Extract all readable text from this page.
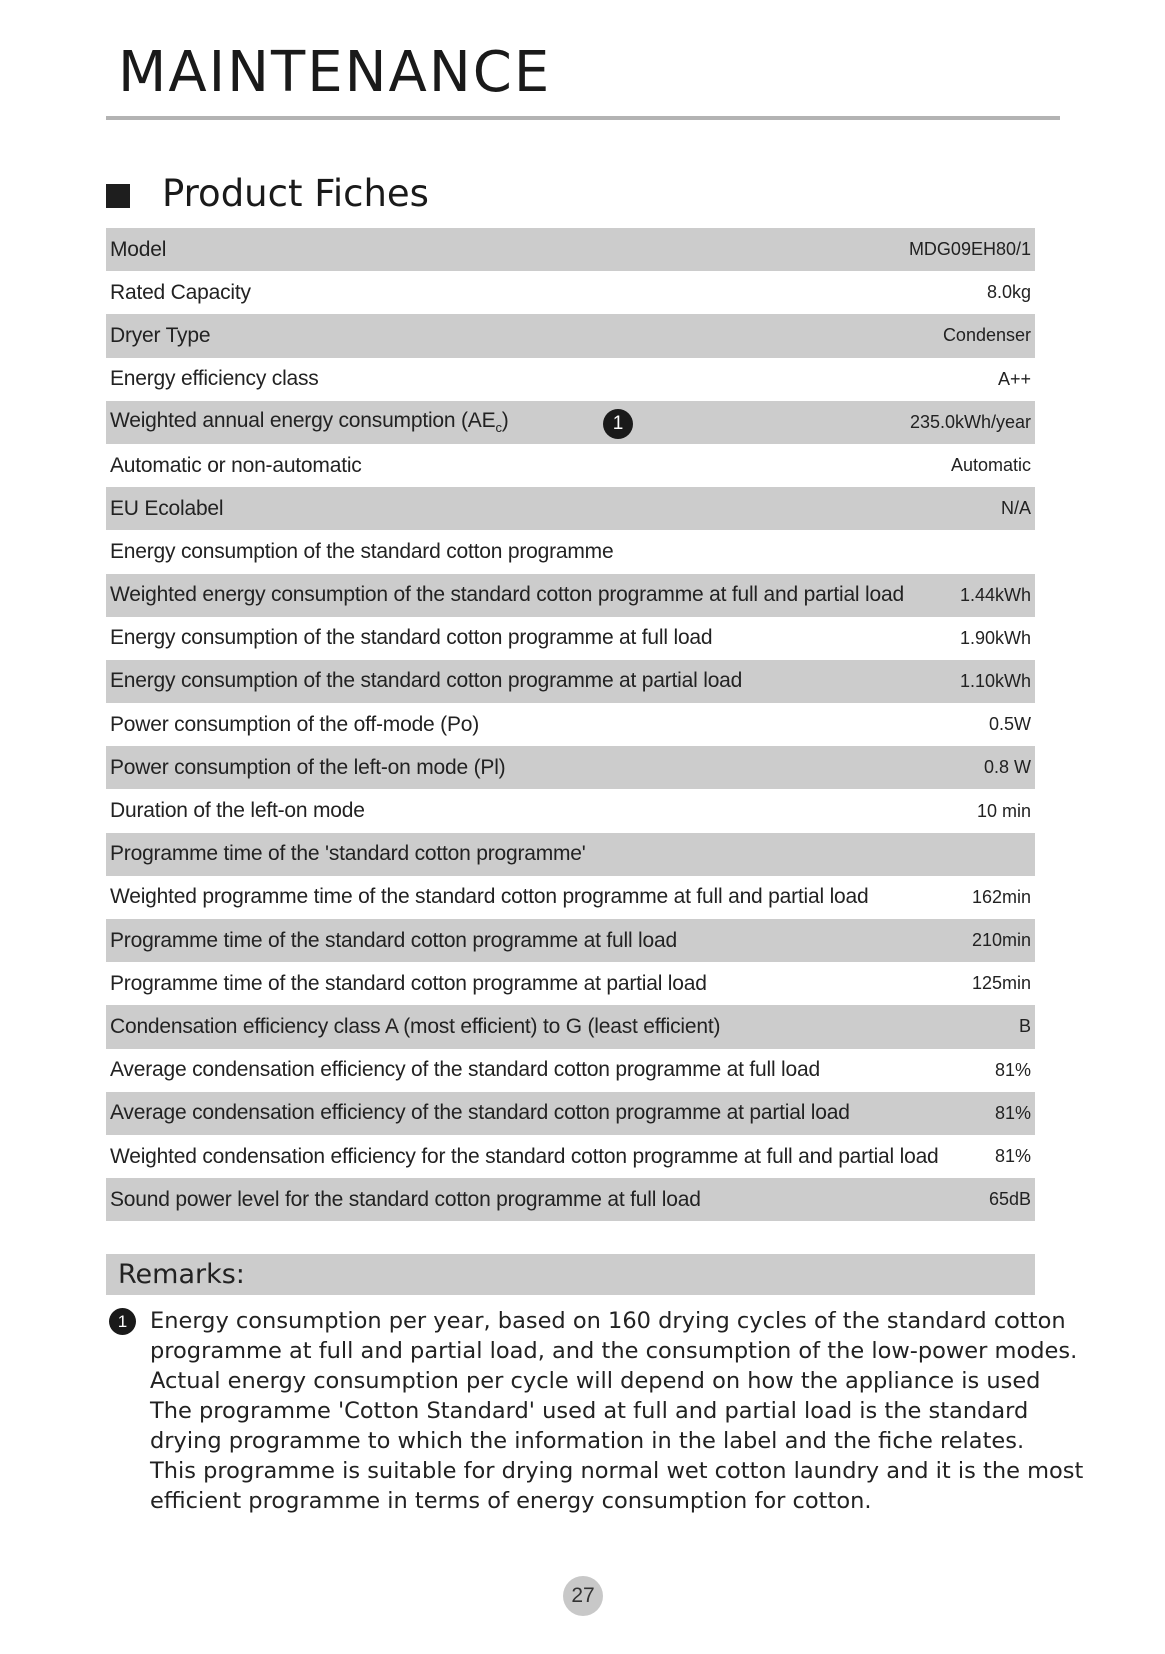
MAINTENANCE
Product Fiches
Model	MDG09EH80/1
Rated Capacity	8.0kg
Dryer Type	Condenser
Energy efficiency class	A++
Weighted annual energy consumption $(AE_c)$	1	235.0kWh/year
Automatic or non-automatic	Automatic
EU Ecolabel	N/A
Energy consumption of the standard cotton programme
Weighted energy consumption of the standard cotton programme at full and partial load	1.44kWh
Energy consumption of the standard cotton programme at full load	1.90kWh
Energy consumption of the standard cotton programme at partial load	1.10kWh
Power consumption of the off-mode (Po)	0.5W
Power consumption of the left-on mode (Pl)	0.8 W
Duration of the left-on mode	10 min
Programme time of the 'standard cotton programme'
Weighted programme time of the standard cotton programme at full and partial load	162min
Programme time of the standard cotton programme at full load	210min
Programme time of the standard cotton programme at partial load	125min
Condensation efficiency class A (most efficient) to G (least efficient)	B
Average condensation efficiency of the standard cotton programme at full load	81%
Average condensation efficiency of the standard cotton programme at partial load	81%
Weighted condensation efficiency for the standard cotton programme at full and partial load	81%
Sound power level for the standard cotton programme at full load	65dB
Remarks:
1	Energy consumption per year, based on 160 drying cycles of the standard cotton

programme at full and partial load, and the consumption of the low-power modes.

Actual energy consumption per cycle will depend on how the appliance is used

The programme 'Cotton Standard' used at full and partial load is the standard

drying programme to which the information in the label and the fiche relates.

This programme is suitable for drying normal wet cotton laundry and it is the most

efficient programme in terms of energy consumption for cotton.

27
